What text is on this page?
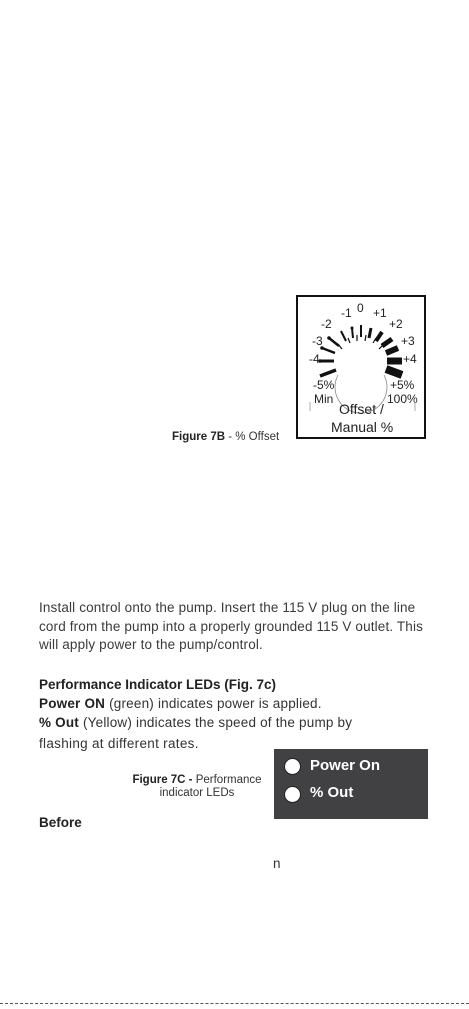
-1 0 +1
-2	+2
-3	+3
-4	+4
-5%
Min
+5%
100%
Offset /
Manual %
Figure 7B - % Offset
Install control onto the pump. Insert the 115 V plug on the line cord from the pump into a properly grounded 115 V outlet. This will apply power to the pump/control.
Performance Indicator LEDs (Fig. 7c)
Power ON (green) indicates power is applied.
% Out (Yellow) indicates the speed of the pump by
flashing at different rates.
Power On
% Out
Figure 7C - Performance
indicator LEDs
Before
n
